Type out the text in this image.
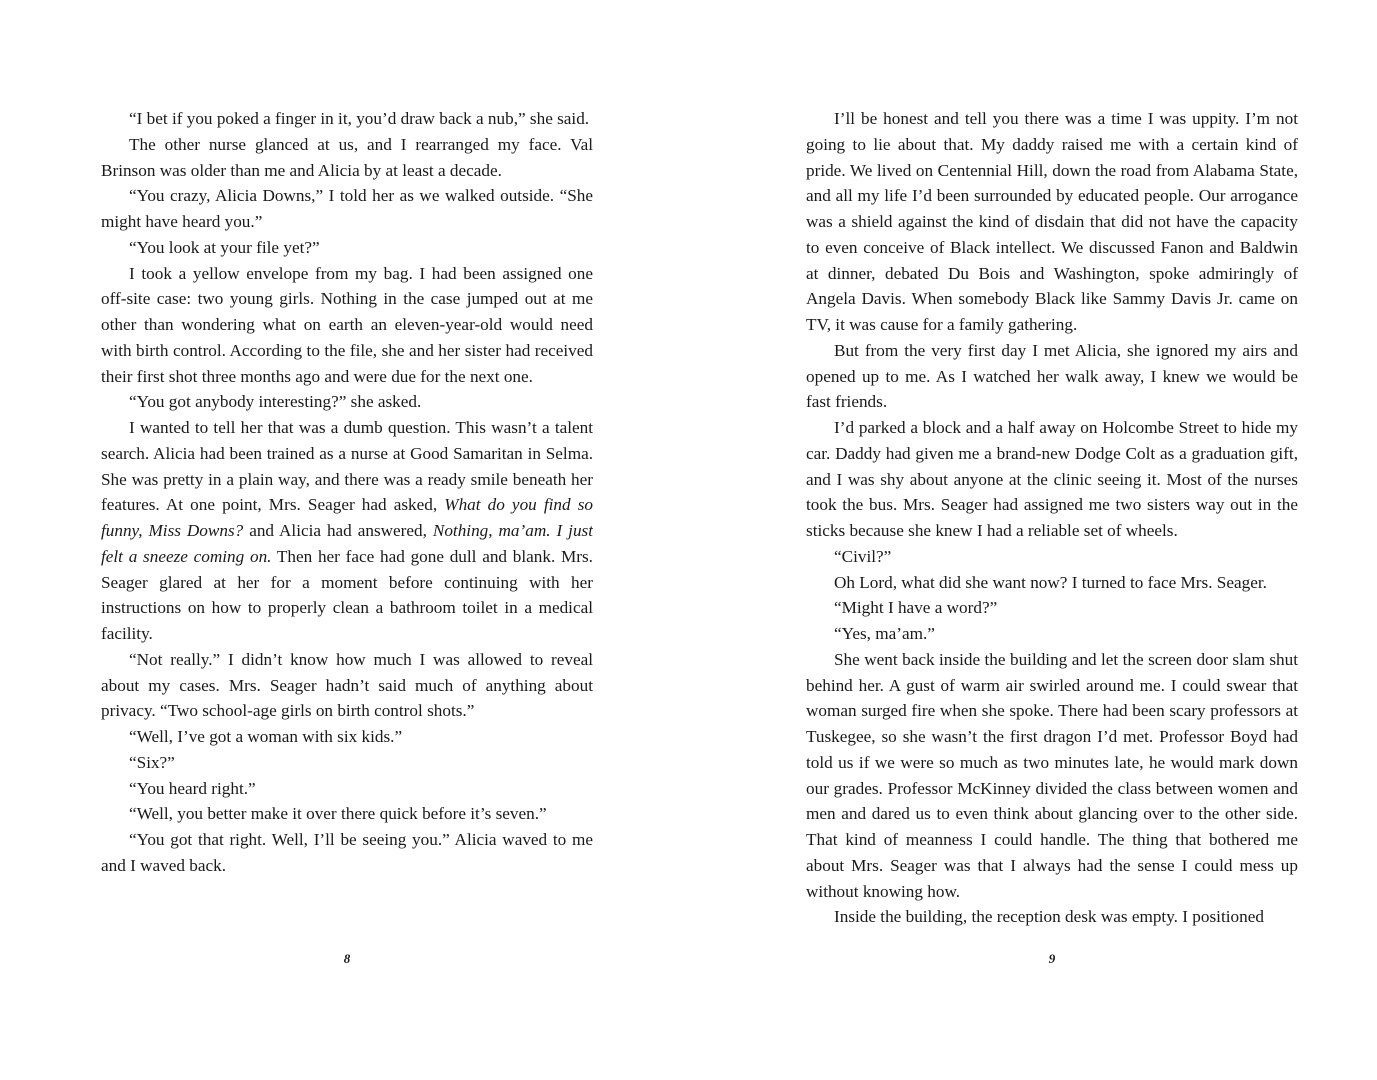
“I bet if you poked a finger in it, you’d draw back a nub,” she said.

The other nurse glanced at us, and I rearranged my face. Val Brinson was older than me and Alicia by at least a decade.

“You crazy, Alicia Downs,” I told her as we walked outside. “She might have heard you.”

“You look at your file yet?”

I took a yellow envelope from my bag. I had been assigned one off-site case: two young girls. Nothing in the case jumped out at me other than wondering what on earth an eleven-year-old would need with birth control. According to the file, she and her sister had received their first shot three months ago and were due for the next one.

“You got anybody interesting?” she asked.

I wanted to tell her that was a dumb question. This wasn’t a talent search. Alicia had been trained as a nurse at Good Samaritan in Selma. She was pretty in a plain way, and there was a ready smile beneath her features. At one point, Mrs. Seager had asked, What do you find so funny, Miss Downs? and Alicia had answered, Nothing, ma’am. I just felt a sneeze coming on. Then her face had gone dull and blank. Mrs. Seager glared at her for a moment before continuing with her instructions on how to properly clean a bathroom toilet in a medical facility.

“Not really.” I didn’t know how much I was allowed to reveal about my cases. Mrs. Seager hadn’t said much of anything about privacy. “Two school-age girls on birth control shots.”

“Well, I’ve got a woman with six kids.”

“Six?”

“You heard right.”

“Well, you better make it over there quick before it’s seven.”

“You got that right. Well, I’ll be seeing you.” Alicia waved to me and I waved back.

8

I’ll be honest and tell you there was a time I was uppity. I’m not going to lie about that. My daddy raised me with a certain kind of pride. We lived on Centennial Hill, down the road from Alabama State, and all my life I’d been surrounded by educated people. Our arrogance was a shield against the kind of disdain that did not have the capacity to even conceive of Black intellect. We discussed Fanon and Baldwin at dinner, debated Du Bois and Washington, spoke admiringly of Angela Davis. When somebody Black like Sammy Davis Jr. came on TV, it was cause for a family gathering.

But from the very first day I met Alicia, she ignored my airs and opened up to me. As I watched her walk away, I knew we would be fast friends.

I’d parked a block and a half away on Holcombe Street to hide my car. Daddy had given me a brand-new Dodge Colt as a graduation gift, and I was shy about anyone at the clinic seeing it. Most of the nurses took the bus. Mrs. Seager had assigned me two sisters way out in the sticks because she knew I had a reliable set of wheels.

“Civil?”

Oh Lord, what did she want now? I turned to face Mrs. Seager.

“Might I have a word?”

“Yes, ma’am.”

She went back inside the building and let the screen door slam shut behind her. A gust of warm air swirled around me. I could swear that woman surged fire when she spoke. There had been scary professors at Tuskegee, so she wasn’t the first dragon I’d met. Professor Boyd had told us if we were so much as two minutes late, he would mark down our grades. Professor McKinney divided the class between women and men and dared us to even think about glancing over to the other side. That kind of meanness I could handle. The thing that bothered me about Mrs. Seager was that I always had the sense I could mess up without knowing how.

Inside the building, the reception desk was empty. I positioned

9
